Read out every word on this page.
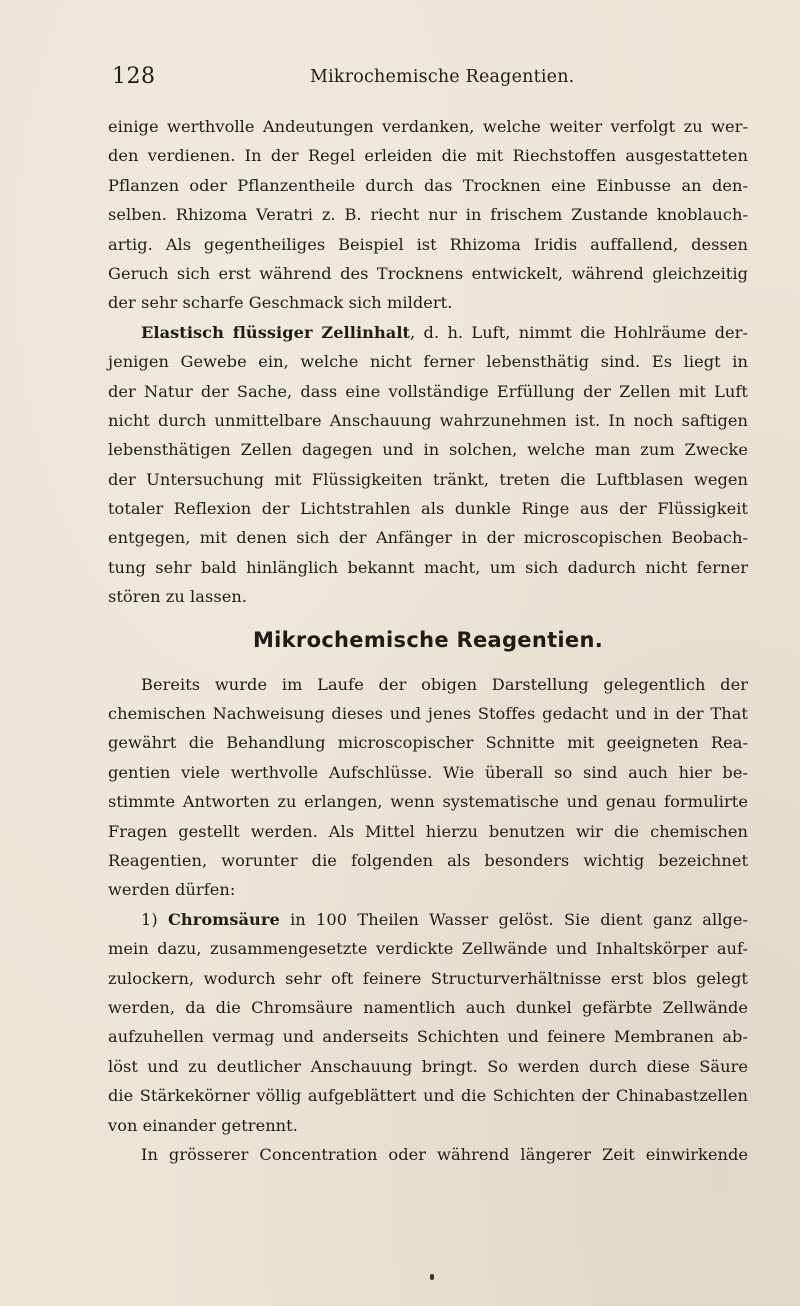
128	Mikrochemische Reagentien.
einige werthvolle Andeutungen verdanken, welche weiter verfolgt zu wer-
den verdienen. In der Regel erleiden die mit Riechstoffen ausgestatteten
Pflanzen oder Pflanzentheile durch das Trocknen eine Einbusse an den-
selben. Rhizoma Veratri z. B. riecht nur in frischem Zustande knoblauch-
artig. Als gegentheiliges Beispiel ist Rhizoma Iridis auffallend, dessen
Geruch sich erst während des Trocknens entwickelt, während gleichzeitig
der sehr scharfe Geschmack sich mildert.
Elastisch flüssiger Zellinhalt, d. h. Luft, nimmt die Hohlräume der-
jenigen Gewebe ein, welche nicht ferner lebensthätig sind. Es liegt in
der Natur der Sache, dass eine vollständige Erfüllung der Zellen mit Luft
nicht durch unmittelbare Anschauung wahrzunehmen ist. In noch saftigen
lebensthätigen Zellen dagegen und in solchen, welche man zum Zwecke
der Untersuchung mit Flüssigkeiten tränkt, treten die Luftblasen wegen
totaler Reflexion der Lichtstrahlen als dunkle Ringe aus der Flüssigkeit
entgegen, mit denen sich der Anfänger in der microscopischen Beobach-
tung sehr bald hinlänglich bekannt macht, um sich dadurch nicht ferner
stören zu lassen.
Mikrochemische Reagentien.
Bereits wurde im Laufe der obigen Darstellung gelegentlich der
chemischen Nachweisung dieses und jenes Stoffes gedacht und in der That
gewährt die Behandlung microscopischer Schnitte mit geeigneten Rea-
gentien viele werthvolle Aufschlüsse. Wie überall so sind auch hier be-
stimmte Antworten zu erlangen, wenn systematische und genau formulirte
Fragen gestellt werden. Als Mittel hierzu benutzen wir die chemischen
Reagentien, worunter die folgenden als besonders wichtig bezeichnet
werden dürfen:
1) Chromsäure in 100 Theilen Wasser gelöst. Sie dient ganz allge-
mein dazu, zusammengesetzte verdickte Zellwände und Inhaltskörper auf-
zulockern, wodurch sehr oft feinere Structurverhältnisse erst blos gelegt
werden, da die Chromsäure namentlich auch dunkel gefärbte Zellwände
aufzuhellen vermag und anderseits Schichten und feinere Membranen ab-
löst und zu deutlicher Anschauung bringt. So werden durch diese Säure
die Stärkekörner völlig aufgeblättert und die Schichten der Chinabastzellen
von einander getrennt.
In grösserer Concentration oder während längerer Zeit einwirkende
